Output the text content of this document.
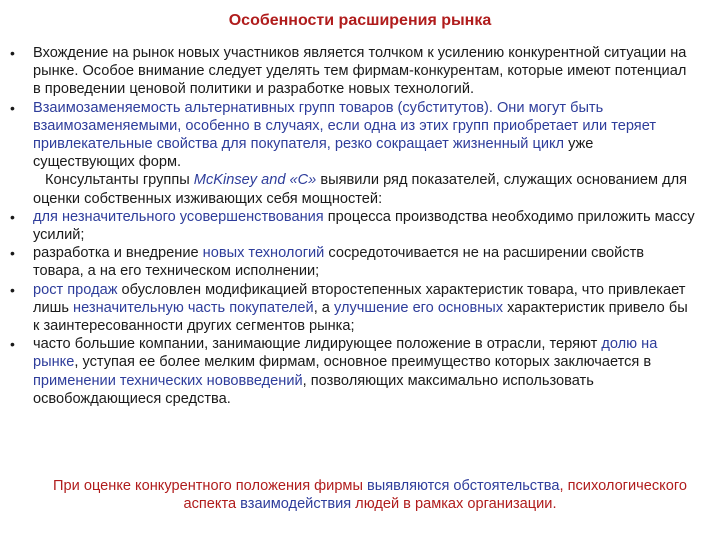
Особенности расширения рынка

•	Вхождение на рынок новых участников является толчком к усилению конкурентной ситуации на рынке. Особое внимание следует уделять тем фирмам-конкурентам, которые имеют потенциал в проведении ценовой политики и разработке новых технологий.

•	Взаимозаменяемость альтернативных групп товаров (субститутов). Они могут быть взаимозаменяемыми, особенно в случаях, если одна из этих групп приобретает или теряет привлекательные свойства для покупателя, резко сокращает жизненный цикл уже существующих форм.

Консультанты группы McKinsey and «C» выявили ряд показателей, служащих основанием для оценки собственных изживающих себя мощностей:

•	для незначительного усовершенствования процесса производства необходимо приложить массу усилий;

•	разработка и внедрение новых технологий сосредоточивается не на расширении свойств товара, а на его техническом исполнении;

•	рост продаж обусловлен модификацией второстепенных характеристик товара, что привлекает лишь незначительную часть покупателей, а улучшение его основных характеристик привело бы к заинтересованности других сегментов рынка;

•	часто большие компании, занимающие лидирующее положение в отрасли, теряют долю на рынке, уступая ее более мелким фирмам, основное преимущество которых заключается в применении технических нововведений, позволяющих максимально использовать освобождающиеся средства.

При оценке конкурентного положения фирмы выявляются обстоятельства, психологического аспекта взаимодействия людей в рамках организации.
